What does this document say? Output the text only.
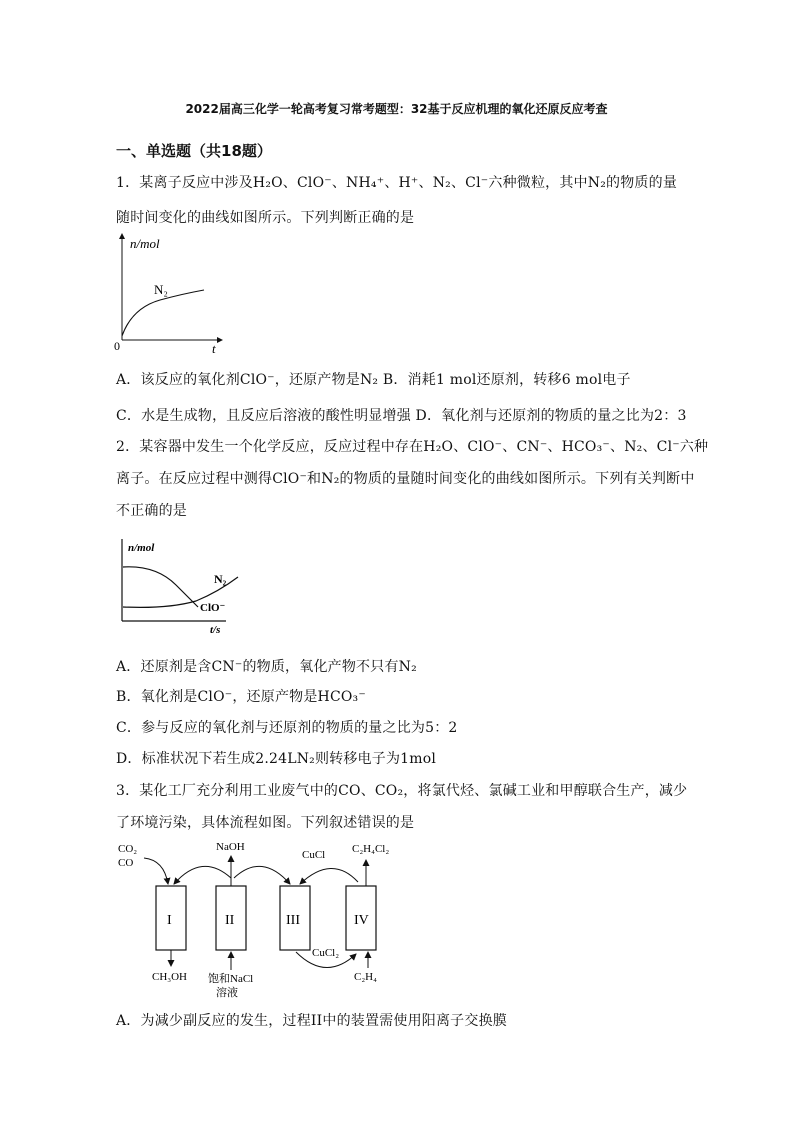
2022届高三化学一轮高考复习常考题型：32基于反应机理的氧化还原反应考查
一、单选题（共18题）
1．某离子反应中涉及H₂O、ClO⁻、NH₄⁺、H⁺、N₂、Cl⁻六种微粒，其中N₂的物质的量
随时间变化的曲线如图所示。下列判断正确的是
n/mol
t
0
N₂
A．该反应的氧化剂ClO⁻，还原产物是N₂ B．消耗1 mol还原剂，转移6 mol电子
C．水是生成物，且反应后溶液的酸性明显增强 D．氧化剂与还原剂的物质的量之比为2：3
2．某容器中发生一个化学反应，反应过程中存在H₂O、ClO⁻、CN⁻、HCO₃⁻、N₂、Cl⁻六种
离子。在反应过程中测得ClO⁻和N₂的物质的量随时间变化的曲线如图所示。下列有关判断中
不正确的是
n/mol
N₂
ClO⁻
t/s
A．还原剂是含CN⁻的物质，氧化产物不只有N₂
B．氧化剂是ClO⁻，还原产物是HCO₃⁻
C．参与反应的氧化剂与还原剂的物质的量之比为5：2
D．标准状况下若生成2.24LN₂则转移电子为1mol
3．某化工厂充分利用工业废气中的CO、CO₂，将氯代烃、氯碱工业和甲醇联合生产，减少
了环境污染，具体流程如图。下列叙述错误的是
I	II	III	IV
CO₂
CO
CH₃OH
NaOH
饱和NaCl
溶液
CuCl C₂H₄Cl₂
CuCl₂
C₂H₄
A．为减少副反应的发生，过程II中的装置需使用阳离子交换膜
